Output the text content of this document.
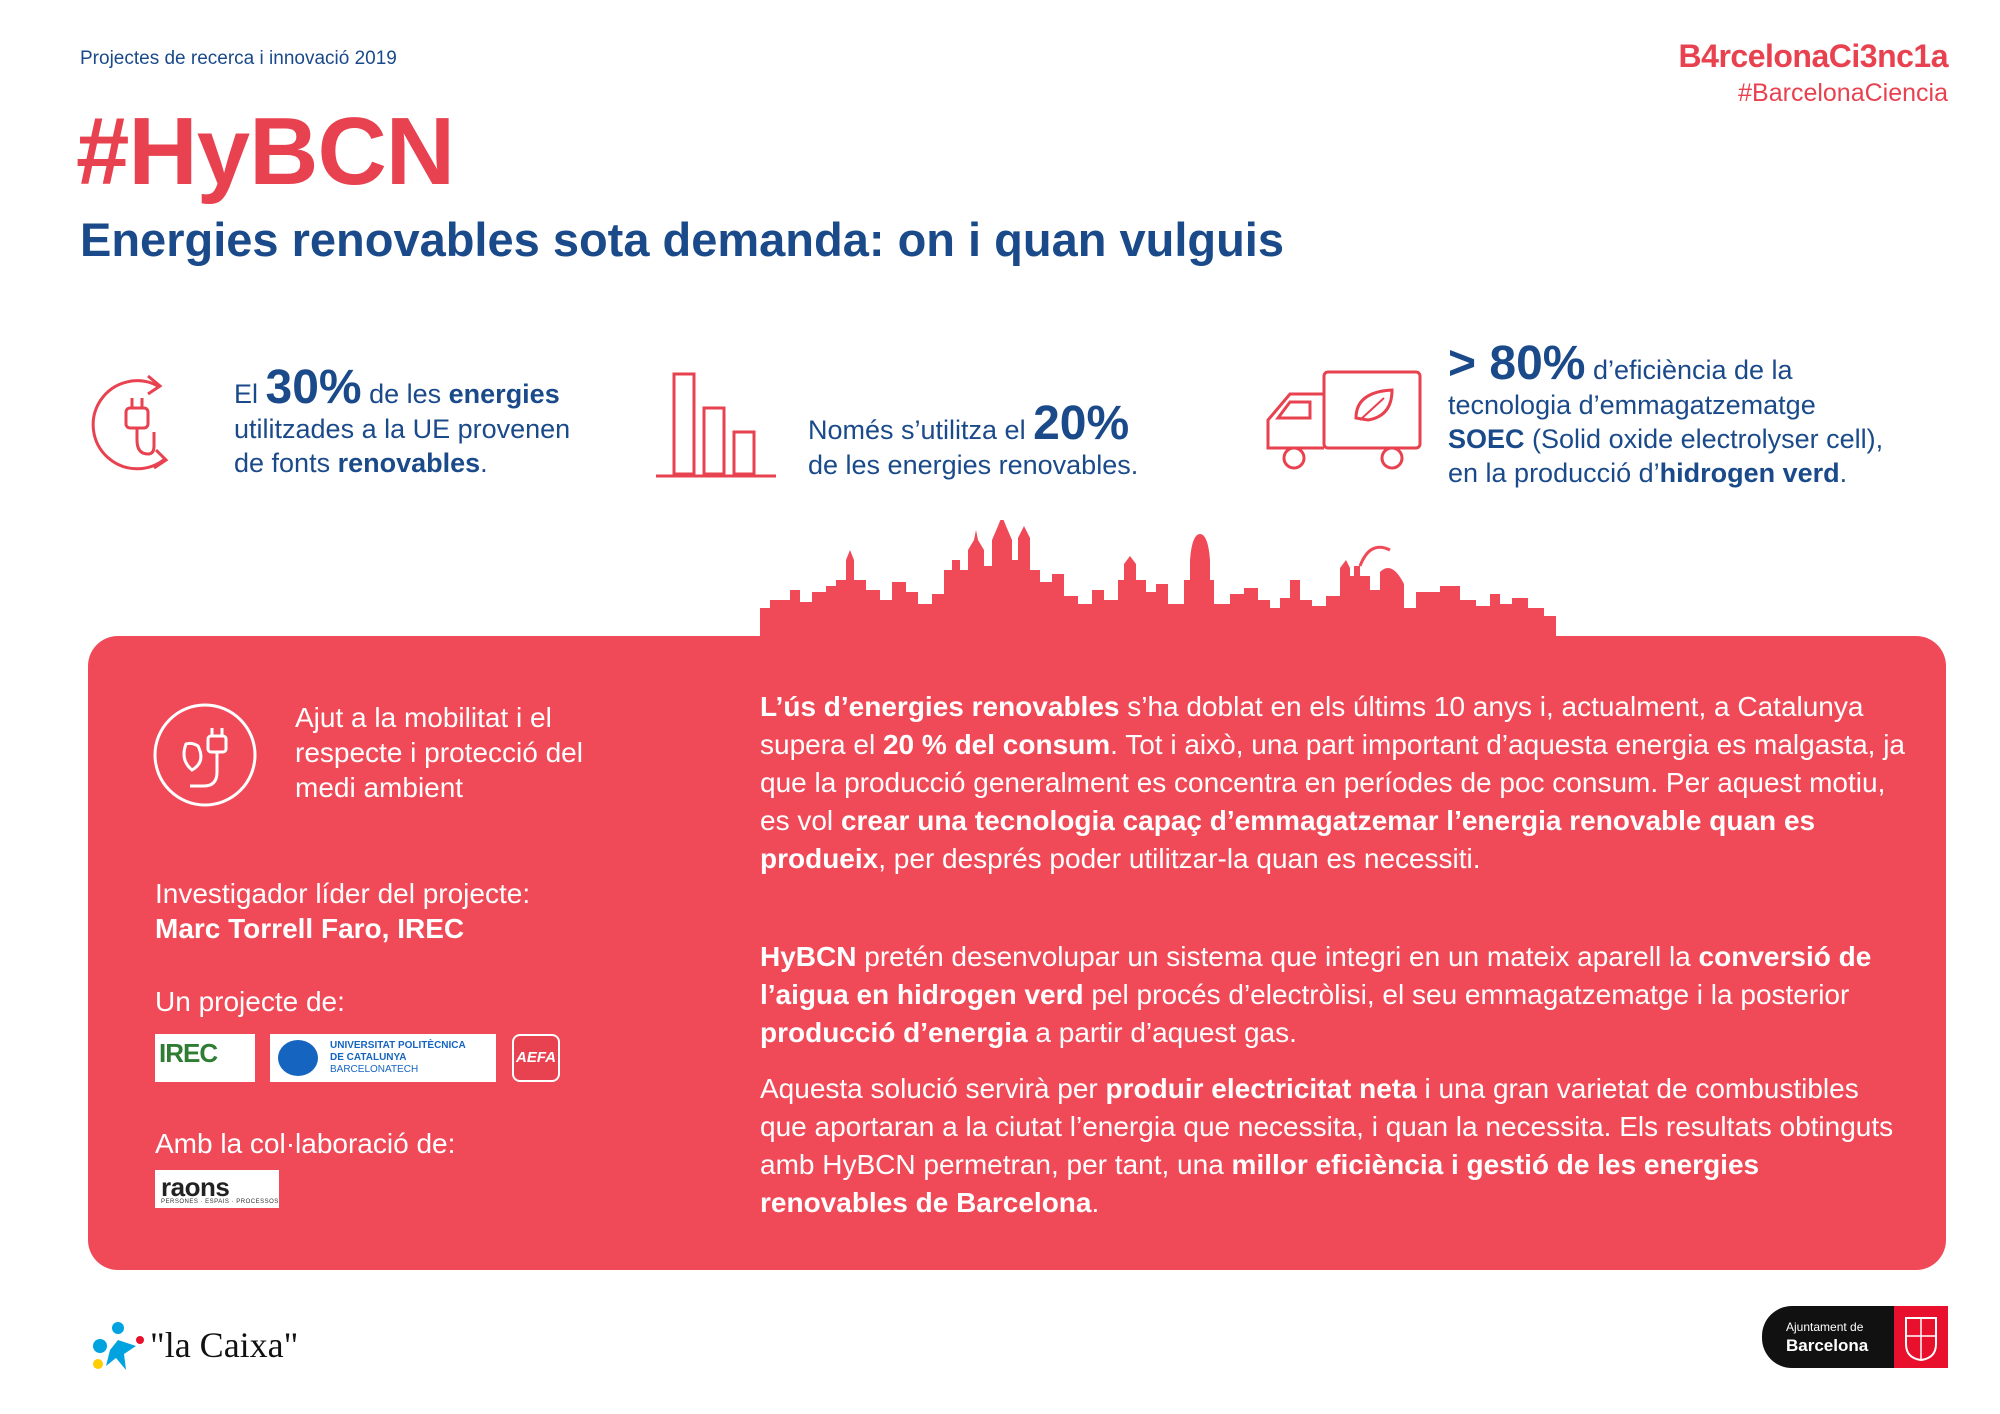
Projectes de recerca i innovació 2019	B4rcelonaCi3nc1a
#BarcelonaCiencia
#HyBCN
Energies renovables sota demanda: on i quan vulguis
El 30% de les energies
utilitzades a la UE provenen
de fonts renovables.
Només s’utilitza el 20%
de les energies renovables.
> 80% d’eficiència de la
tecnologia d’emmagatzematge
SOEC (Solid oxide electrolyser cell),
en la producció d’hidrogen verd.
Ajut a la mobilitat i el respecte i protecció del medi ambient
Investigador líder del projecte:
Marc Torrell Faro, IREC
Un projecte de:
IREC	UNIVERSITAT POLITÈCNICA
DE CATALUNYA
BARCELONATECH
AEFA
Amb la col·laboració de:
raons
PERSONES · ESPAIS · PROCESSOS
L’ús d’energies renovables s’ha doblat en els últims 10 anys i, actualment, a Catalunya supera el 20 % del consum. Tot i això, una part important d’aquesta energia es malgasta, ja que la producció generalment es concentra en períodes de poc consum. Per aquest motiu, es vol crear una tecnologia capaç d’emmagatzemar l’energia renovable quan es produeix, per després poder utilitzar-la quan es necessiti.
HyBCN pretén desenvolupar un sistema que integri en un mateix aparell la conversió de l’aigua en hidrogen verd pel procés d’electròlisi, el seu emmagatzematge i la posterior producció d’energia a partir d’aquest gas.
Aquesta solució servirà per produir electricitat neta i una gran varietat de combustibles que aportaran a la ciutat l’energia que necessita, i quan la necessita. Els resultats obtinguts amb HyBCN permetran, per tant, una millor eficiència i gestió de les energies renovables de Barcelona.
"la Caixa"	Ajuntament de
Barcelona
